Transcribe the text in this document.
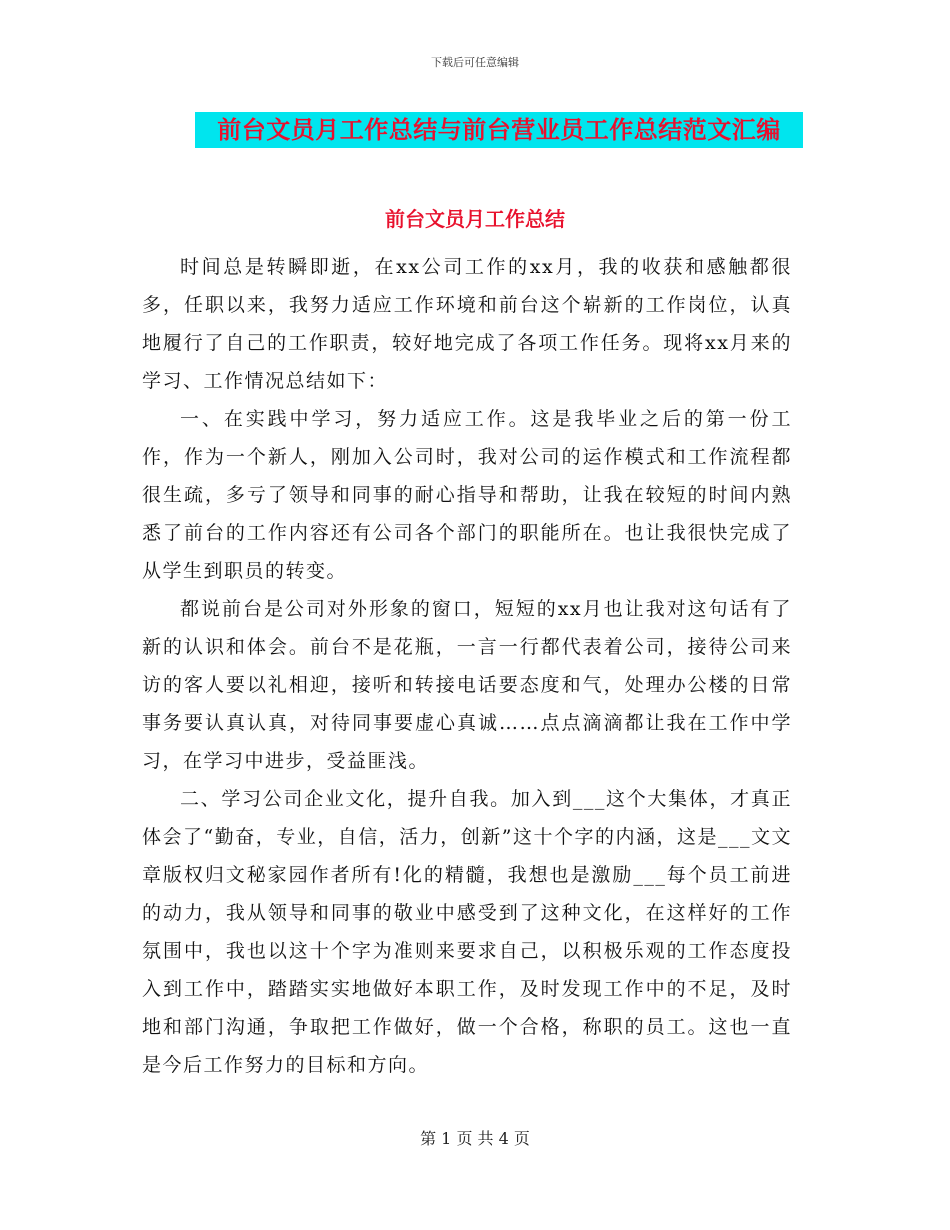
下载后可任意编辑
前台文员月工作总结与前台营业员工作总结范文汇编
前台文员月工作总结

时间总是转瞬即逝，在xx公司工作的xx月，我的收获和感触都很多，任职以来，我努力适应工作环境和前台这个崭新的工作岗位，认真地履行了自己的工作职责，较好地完成了各项工作任务。现将xx月来的学习、工作情况总结如下：

一、在实践中学习，努力适应工作。这是我毕业之后的第一份工作，作为一个新人，刚加入公司时，我对公司的运作模式和工作流程都很生疏，多亏了领导和同事的耐心指导和帮助，让我在较短的时间内熟悉了前台的工作内容还有公司各个部门的职能所在。也让我很快完成了从学生到职员的转变。

都说前台是公司对外形象的窗口，短短的xx月也让我对这句话有了新的认识和体会。前台不是花瓶，一言一行都代表着公司，接待公司来访的客人要以礼相迎，接听和转接电话要态度和气，处理办公楼的日常事务要认真认真，对待同事要虚心真诚……点点滴滴都让我在工作中学习，在学习中进步，受益匪浅。

二、学习公司企业文化，提升自我。加入到___这个大集体，才真正体会了“勤奋，专业，自信，活力，创新”这十个字的内涵，这是___文文章版权归文秘家园作者所有!化的精髓，我想也是激励___每个员工前进的动力，我从领导和同事的敬业中感受到了这种文化，在这样好的工作氛围中，我也以这十个字为准则来要求自己，以积极乐观的工作态度投入到工作中，踏踏实实地做好本职工作，及时发现工作中的不足，及时地和部门沟通，争取把工作做好，做一个合格，称职的员工。这也一直是今后工作努力的目标和方向。

第 1 页 共 4 页
